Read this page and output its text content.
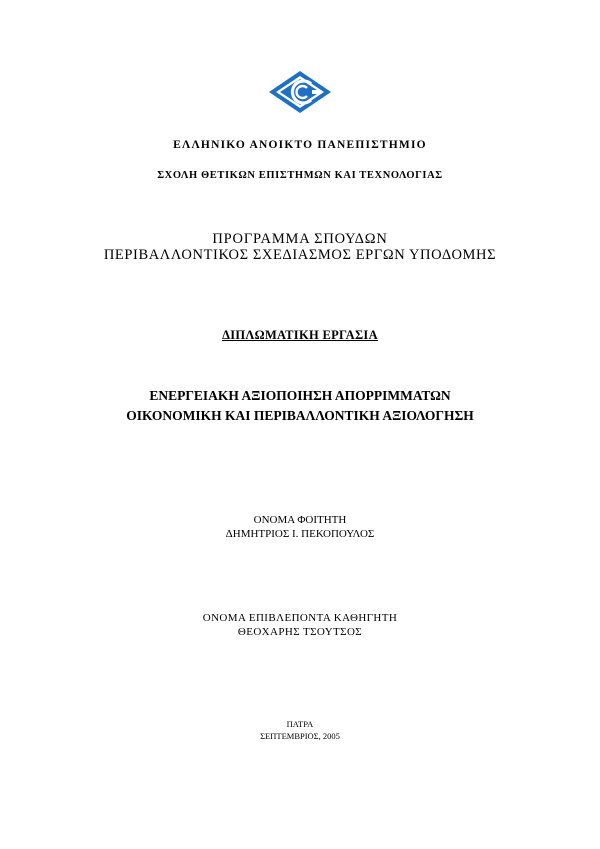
ΕΛΛΗΝΙΚΟ ΑΝΟΙΚΤΟ ΠΑΝΕΠΙΣΤΗΜΙΟ
ΣΧΟΛΗ ΘΕΤΙΚΩΝ ΕΠΙΣΤΗΜΩΝ ΚΑΙ ΤΕΧΝΟΛΟΓΙΑΣ
ΠΡΟΓΡΑΜΜΑ ΣΠΟΥΔΩΝ
ΠΕΡΙΒΑΛΛΟΝΤΙΚΟΣ ΣΧΕΔΙΑΣΜΟΣ ΕΡΓΩΝ ΥΠΟΔΟΜΗΣ
ΔΙΠΛΩΜΑΤΙΚΗ ΕΡΓΑΣΙΑ
ΕΝΕΡΓΕΙΑΚΗ ΑΞΙΟΠΟΙΗΣΗ ΑΠΟΡΡΙΜΜΑΤΩΝ
ΟΙΚΟΝΟΜΙΚΗ ΚΑΙ ΠΕΡΙΒΑΛΛΟΝΤΙΚΗ ΑΞΙΟΛΟΓΗΣΗ
ΟΝΟΜΑ ΦΟΙΤΗΤΗ
ΔΗΜΗΤΡΙΟΣ Ι. ΠΕΚΟΠΟΥΛΟΣ
ΟΝΟΜΑ ΕΠΙΒΛΕΠΟΝΤΑ ΚΑΘΗΓΗΤΗ
ΘΕΟΧΑΡΗΣ ΤΣΟΥΤΣΟΣ
ΠΑΤΡΑ
ΣΕΠΤΕΜΒΡΙΟΣ, 2005
